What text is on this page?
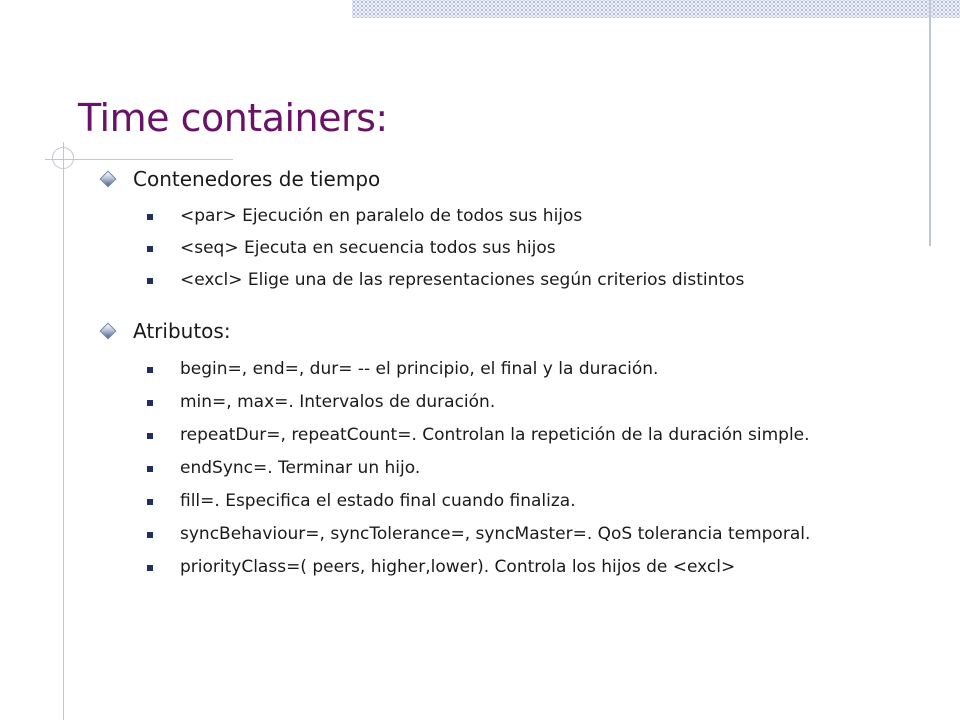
Time containers:
Contenedores de tiempo
<par> Ejecución en paralelo de todos sus hijos
<seq> Ejecuta en secuencia todos sus hijos
<excl> Elige una de las representaciones según criterios distintos
Atributos:
begin=, end=, dur= -- el principio, el final y la duración.
min=, max=. Intervalos de duración.
repeatDur=, repeatCount=. Controlan la repetición de la duración simple.
endSync=. Terminar un hijo.
fill=. Especifica el estado final cuando finaliza.
syncBehaviour=, syncTolerance=, syncMaster=. QoS tolerancia temporal.
priorityClass=( peers, higher,lower). Controla los hijos de <excl>
